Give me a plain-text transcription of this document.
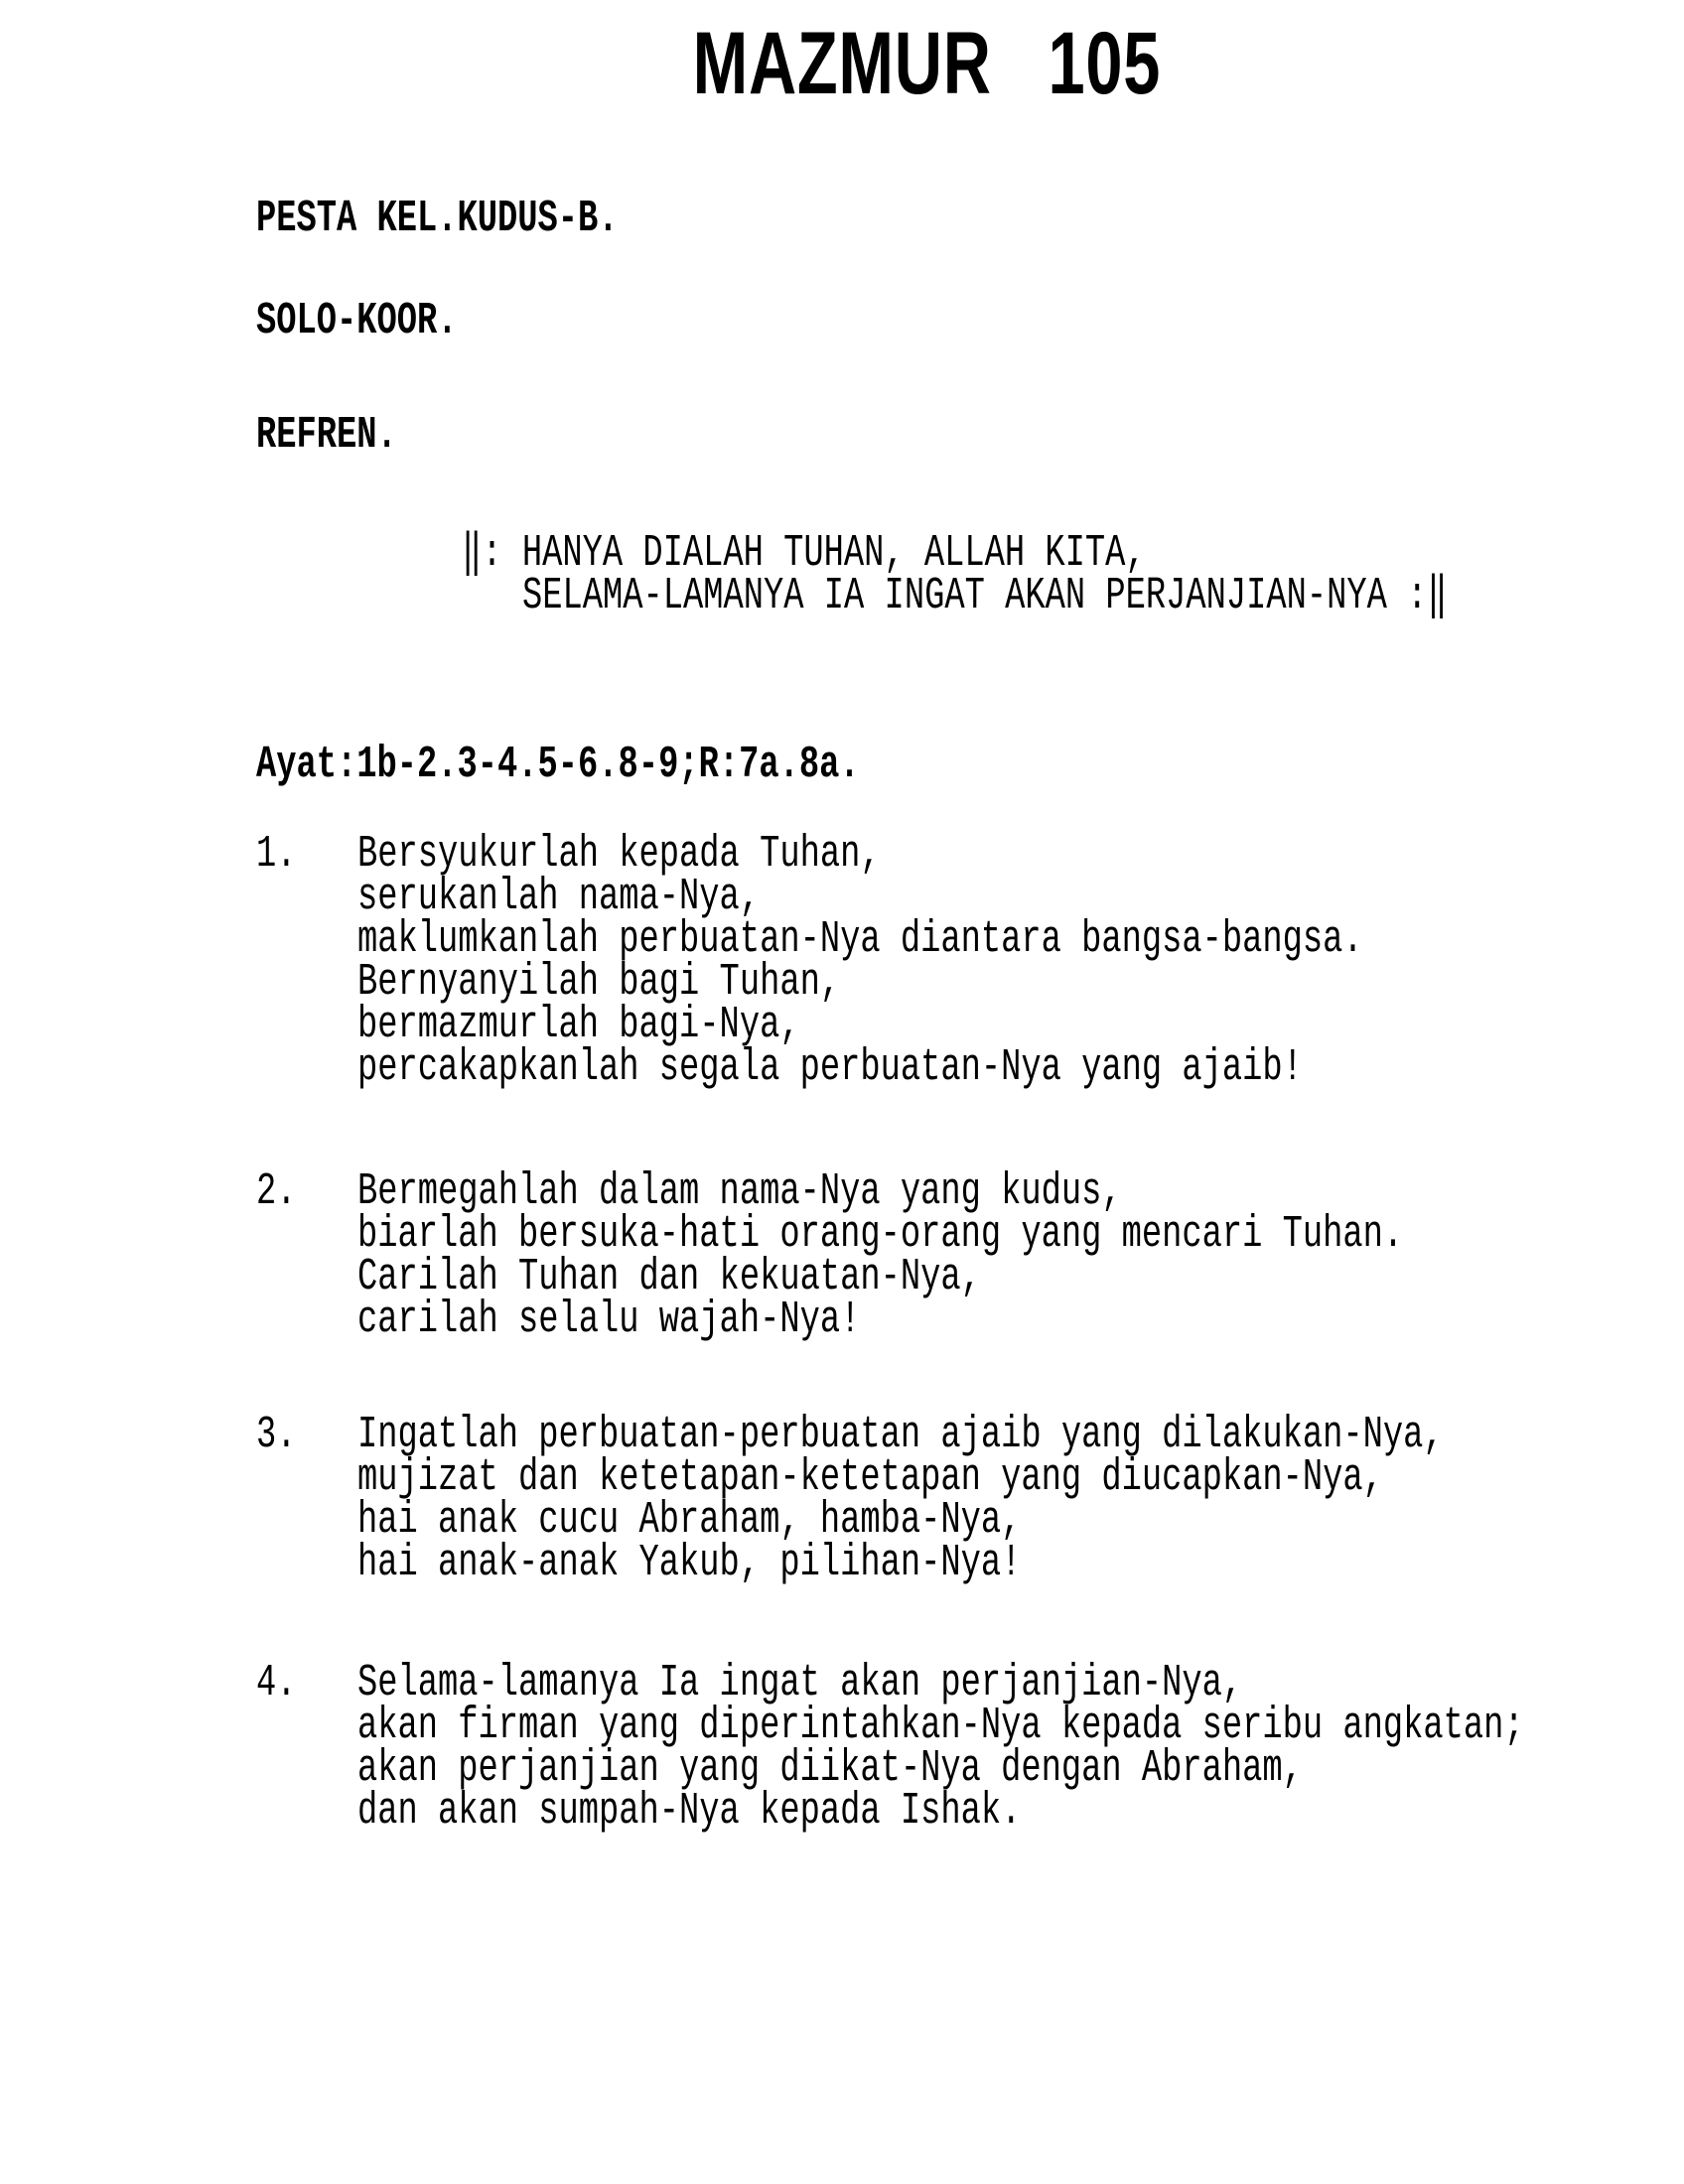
MAZMUR 105
PESTA KEL.KUDUS-B.
SOLO-KOOR.
REFREN.
‖: HANYA DIALAH TUHAN, ALLAH KITA,
SELAMA-LAMANYA IA INGAT AKAN PERJANJIAN-NYA :‖
Ayat:1b-2.3-4.5-6.8-9;R:7a.8a.
1. Bersyukurlah kepada Tuhan,
serukanlah nama-Nya,
maklumkanlah perbuatan-Nya diantara bangsa-bangsa.
Bernyanyilah bagi Tuhan,
bermazmurlah bagi-Nya,
percakapkanlah segala perbuatan-Nya yang ajaib!
2. Bermegahlah dalam nama-Nya yang kudus,
biarlah bersuka-hati orang-orang yang mencari Tuhan.
Carilah Tuhan dan kekuatan-Nya,
carilah selalu wajah-Nya!
3. Ingatlah perbuatan-perbuatan ajaib yang dilakukan-Nya,
mujizat dan ketetapan-ketetapan yang diucapkan-Nya,
hai anak cucu Abraham, hamba-Nya,
hai anak-anak Yakub, pilihan-Nya!
4. Selama-lamanya Ia ingat akan perjanjian-Nya,
akan firman yang diperintahkan-Nya kepada seribu angkatan;
akan perjanjian yang diikat-Nya dengan Abraham,
dan akan sumpah-Nya kepada Ishak.
